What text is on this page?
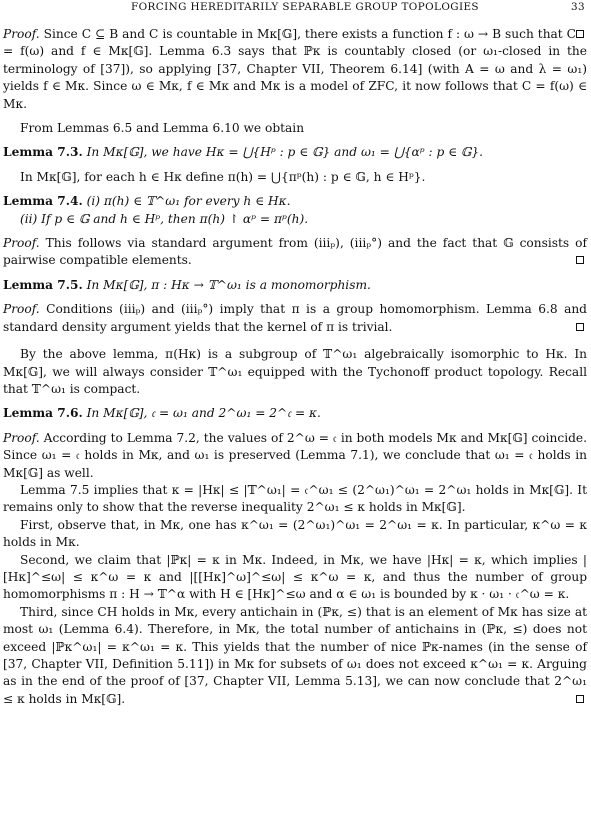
FORCING HEREDITARILY SEPARABLE GROUP TOPOLOGIES	33

Proof. Since C ⊆ B and C is countable in Mκ[𝔾], there exists a function f : ω → B such that C = f(ω) and f ∈ Mκ[𝔾]. Lemma 6.3 says that ℙκ is countably closed (or ω₁-closed in the terminology of [37]), so applying [37, Chapter VII, Theorem 6.14] (with A = ω and λ = ω₁) yields f ∈ Mκ. Since ω ∈ Mκ, f ∈ Mκ and Mκ is a model of ZFC, it now follows that C = f(ω) ∈ Mκ.

From Lemmas 6.5 and Lemma 6.10 we obtain

Lemma 7.3. In Mκ[𝔾], we have Hκ = ⋃{Hᵖ : p ∈ 𝔾} and ω₁ = ⋃{αᵖ : p ∈ 𝔾}.

In Mκ[𝔾], for each h ∈ Hκ define π(h) = ⋃{πᵖ(h) : p ∈ 𝔾, h ∈ Hᵖ}.

Lemma 7.4. (i) π(h) ∈ 𝕋^ω₁ for every h ∈ Hκ.

(ii) If p ∈ 𝔾 and h ∈ Hᵖ, then π(h) ↾ αᵖ = πᵖ(h).

Proof. This follows via standard argument from (iiiₚ), (iiiₚ°) and the fact that 𝔾 consists of pairwise compatible elements.

Lemma 7.5. In Mκ[𝔾], π : Hκ → 𝕋^ω₁ is a monomorphism.

Proof. Conditions (iiiₚ) and (iiiₚ°) imply that π is a group homomorphism. Lemma 6.8 and standard density argument yields that the kernel of π is trivial.

By the above lemma, π(Hκ) is a subgroup of 𝕋^ω₁ algebraically isomorphic to Hκ. In Mκ[𝔾], we will always consider 𝕋^ω₁ equipped with the Tychonoff product topology. Recall that 𝕋^ω₁ is compact.

Lemma 7.6. In Mκ[𝔾], 𝔠 = ω₁ and 2^ω₁ = 2^𝔠 = κ.

Proof. According to Lemma 7.2, the values of 2^ω = 𝔠 in both models Mκ and Mκ[𝔾] coincide. Since ω₁ = 𝔠 holds in Mκ, and ω₁ is preserved (Lemma 7.1), we conclude that ω₁ = 𝔠 holds in Mκ[𝔾] as well.

Lemma 7.5 implies that κ = |Hκ| ≤ |𝕋^ω₁| = 𝔠^ω₁ ≤ (2^ω₁)^ω₁ = 2^ω₁ holds in Mκ[𝔾]. It remains only to show that the reverse inequality 2^ω₁ ≤ κ holds in Mκ[𝔾].

First, observe that, in Mκ, one has κ^ω₁ = (2^ω₁)^ω₁ = 2^ω₁ = κ. In particular, κ^ω = κ holds in Mκ.

Second, we claim that |ℙκ| = κ in Mκ. Indeed, in Mκ, we have |Hκ| = κ, which implies |[Hκ]^≤ω| ≤ κ^ω = κ and |[[Hκ]^ω]^≤ω| ≤ κ^ω = κ, and thus the number of group homomorphisms π : H → 𝕋^α with H ∈ [Hκ]^≤ω and α ∈ ω₁ is bounded by κ · ω₁ · 𝔠^ω = κ.

Third, since CH holds in Mκ, every antichain in (ℙκ, ≤) that is an element of Mκ has size at most ω₁ (Lemma 6.4). Therefore, in Mκ, the total number of antichains in (ℙκ, ≤) does not exceed |ℙκ^ω₁| = κ^ω₁ = κ. This yields that the number of nice ℙκ-names (in the sense of [37, Chapter VII, Definition 5.11]) in Mκ for subsets of ω₁ does not exceed κ^ω₁ = κ. Arguing as in the end of the proof of [37, Chapter VII, Lemma 5.13], we can now conclude that 2^ω₁ ≤ κ holds in Mκ[𝔾].
